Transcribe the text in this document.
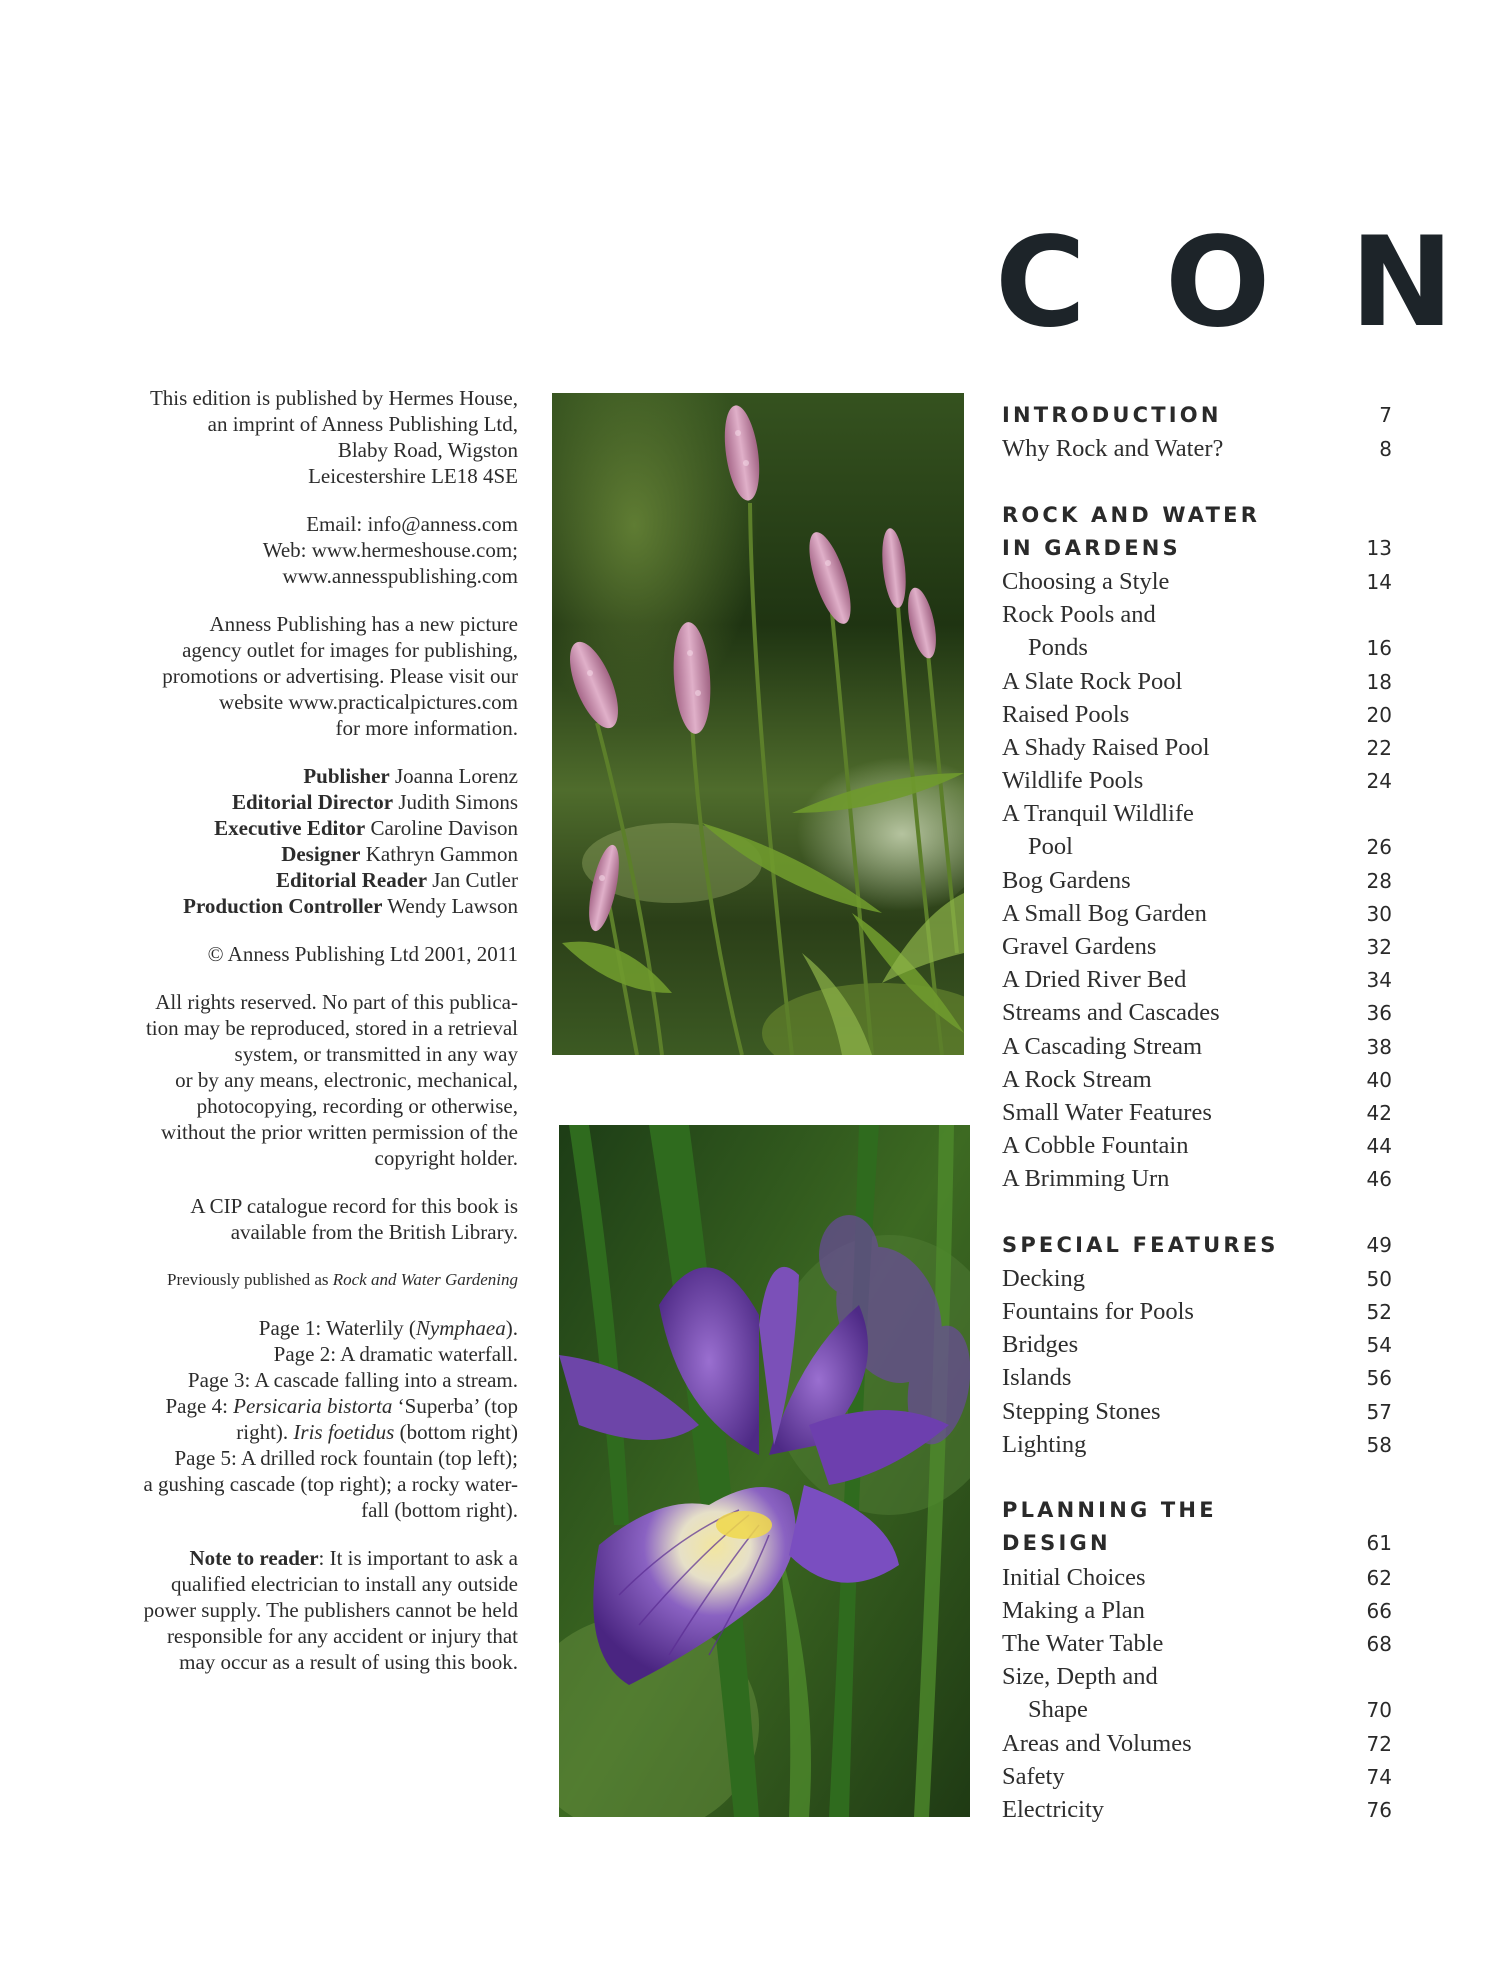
C O N

This edition is published by Hermes House,
an imprint of Anness Publishing Ltd,
Blaby Road, Wigston
Leicestershire LE18 4SE

Email: info@anness.com
Web: www.hermeshouse.com;
www.annesspublishing.com

Anness Publishing has a new picture
agency outlet for images for publishing,
promotions or advertising. Please visit our
website www.practicalpictures.com
for more information.

Publisher Joanna Lorenz
Editorial Director Judith Simons
Executive Editor Caroline Davison
Designer Kathryn Gammon
Editorial Reader Jan Cutler
Production Controller Wendy Lawson

© Anness Publishing Ltd 2001, 2011

All rights reserved. No part of this publica-
tion may be reproduced, stored in a retrieval
system, or transmitted in any way
or by any means, electronic, mechanical,
photocopying, recording or otherwise,
without the prior written permission of the
copyright holder.

A CIP catalogue record for this book is
available from the British Library.

Previously published as Rock and Water Gardening

Page 1: Waterlily (Nymphaea).
Page 2: A dramatic waterfall.
Page 3: A cascade falling into a stream.
Page 4: Persicaria bistorta ‘Superba’ (top
right). Iris foetidus (bottom right)
Page 5: A drilled rock fountain (top left);
a gushing cascade (top right); a rocky water-
fall (bottom right).

Note to reader: It is important to ask a
qualified electrician to install any outside
power supply. The publishers cannot be held
responsible for any accident or injury that
may occur as a result of using this book.

INTRODUCTION	7
Why Rock and Water?	8
ROCK AND WATER
IN GARDENS	13
Choosing a Style	14
Rock Pools and
Ponds	16
A Slate Rock Pool	18
Raised Pools	20
A Shady Raised Pool	22
Wildlife Pools	24
A Tranquil Wildlife
Pool	26
Bog Gardens	28
A Small Bog Garden	30
Gravel Gardens	32
A Dried River Bed	34
Streams and Cascades	36
A Cascading Stream	38
A Rock Stream	40
Small Water Features	42
A Cobble Fountain	44
A Brimming Urn	46
SPECIAL FEATURES	49
Decking	50
Fountains for Pools	52
Bridges	54
Islands	56
Stepping Stones	57
Lighting	58
PLANNING THE
DESIGN	61
Initial Choices	62
Making a Plan	66
The Water Table	68
Size, Depth and
Shape	70
Areas and Volumes	72
Safety	74
Electricity	76
